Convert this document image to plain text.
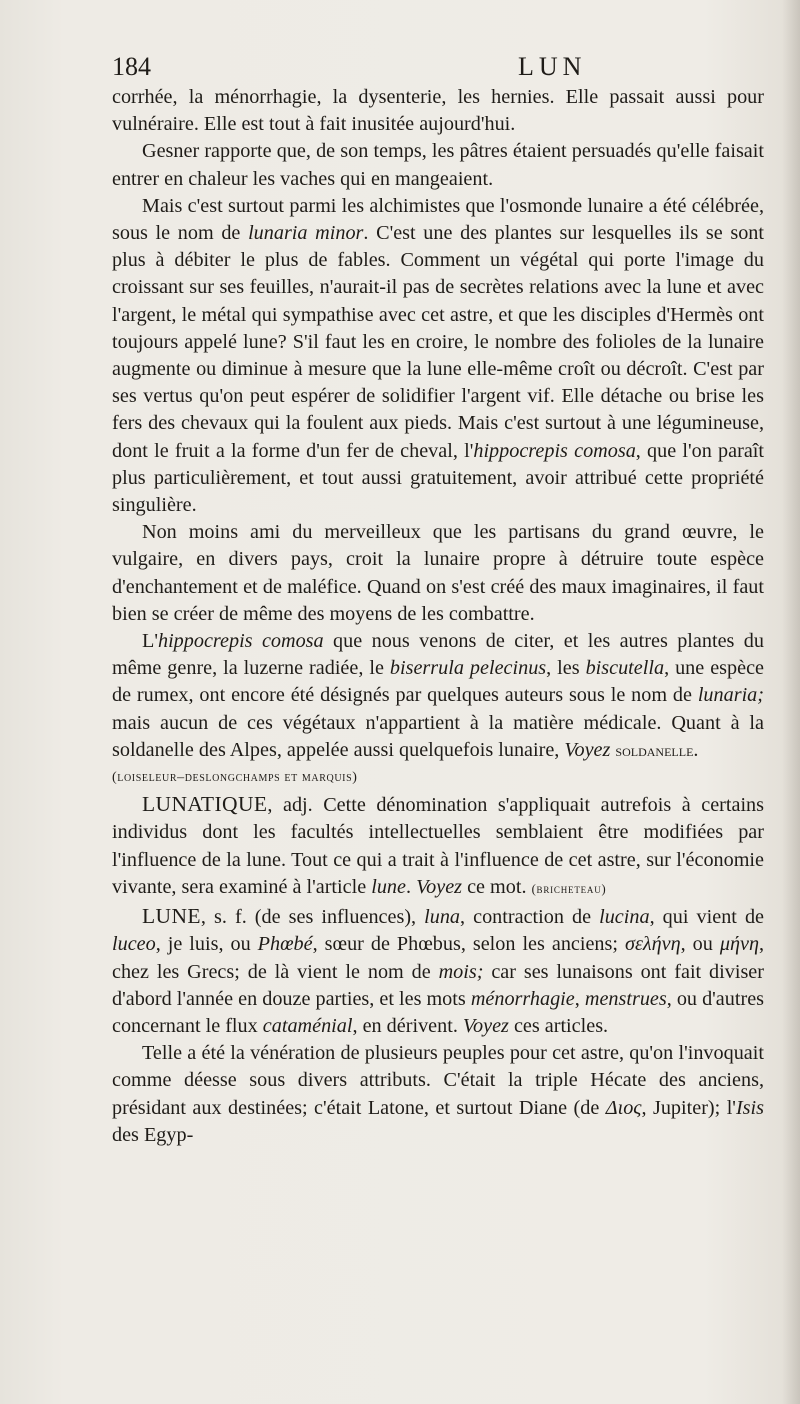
184	LUN

corrhée, la ménorrhagie, la dysenterie, les hernies. Elle passait aussi pour vulnéraire. Elle est tout à fait inusitée aujourd'hui.

Gesner rapporte que, de son temps, les pâtres étaient persuadés qu'elle faisait entrer en chaleur les vaches qui en mangeaient.

Mais c'est surtout parmi les alchimistes que l'osmonde lunaire a été célébrée, sous le nom de lunaria minor. C'est une des plantes sur lesquelles ils se sont plus à débiter le plus de fables. Comment un végétal qui porte l'image du croissant sur ses feuilles, n'aurait-il pas de secrètes relations avec la lune et avec l'argent, le métal qui sympathise avec cet astre, et que les disciples d'Hermès ont toujours appelé lune? S'il faut les en croire, le nombre des folioles de la lunaire augmente ou diminue à mesure que la lune elle-même croît ou décroît. C'est par ses vertus qu'on peut espérer de solidifier l'argent vif. Elle détache ou brise les fers des chevaux qui la foulent aux pieds. Mais c'est surtout à une légumineuse, dont le fruit a la forme d'un fer de cheval, l'hippocrepis comosa, que l'on paraît plus particulièrement, et tout aussi gratuitement, avoir attribué cette propriété singulière.

Non moins ami du merveilleux que les partisans du grand œuvre, le vulgaire, en divers pays, croit la lunaire propre à détruire toute espèce d'enchantement et de maléfice. Quand on s'est créé des maux imaginaires, il faut bien se créer de même des moyens de les combattre.

L'hippocrepis comosa que nous venons de citer, et les autres plantes du même genre, la luzerne radiée, le biserrula pelecinus, les biscutella, une espèce de rumex, ont encore été désignés par quelques auteurs sous le nom de lunaria; mais aucun de ces végétaux n'appartient à la matière médicale. Quant à la soldanelle des Alpes, appelée aussi quelquefois lunaire, Voyez soldanelle.

(loiseleur–deslongchamps et marquis)

LUNATIQUE, adj. Cette dénomination s'appliquait autrefois à certains individus dont les facultés intellectuelles semblaient être modifiées par l'influence de la lune. Tout ce qui a trait à l'influence de cet astre, sur l'économie vivante, sera examiné à l'article lune. Voyez ce mot. (bricheteau)

LUNE, s. f. (de ses influences), luna, contraction de lucina, qui vient de luceo, je luis, ou Phœbé, sœur de Phœbus, selon les anciens; σελήνη, ou μήνη, chez les Grecs; de là vient le nom de mois; car ses lunaisons ont fait diviser d'abord l'année en douze parties, et les mots ménorrhagie, menstrues, ou d'autres concernant le flux cataménial, en dérivent. Voyez ces articles.

Telle a été la vénération de plusieurs peuples pour cet astre, qu'on l'invoquait comme déesse sous divers attributs. C'était la triple Hécate des anciens, présidant aux destinées; c'était Latone, et surtout Diane (de Διος, Jupiter); l'Isis des Egyp-
